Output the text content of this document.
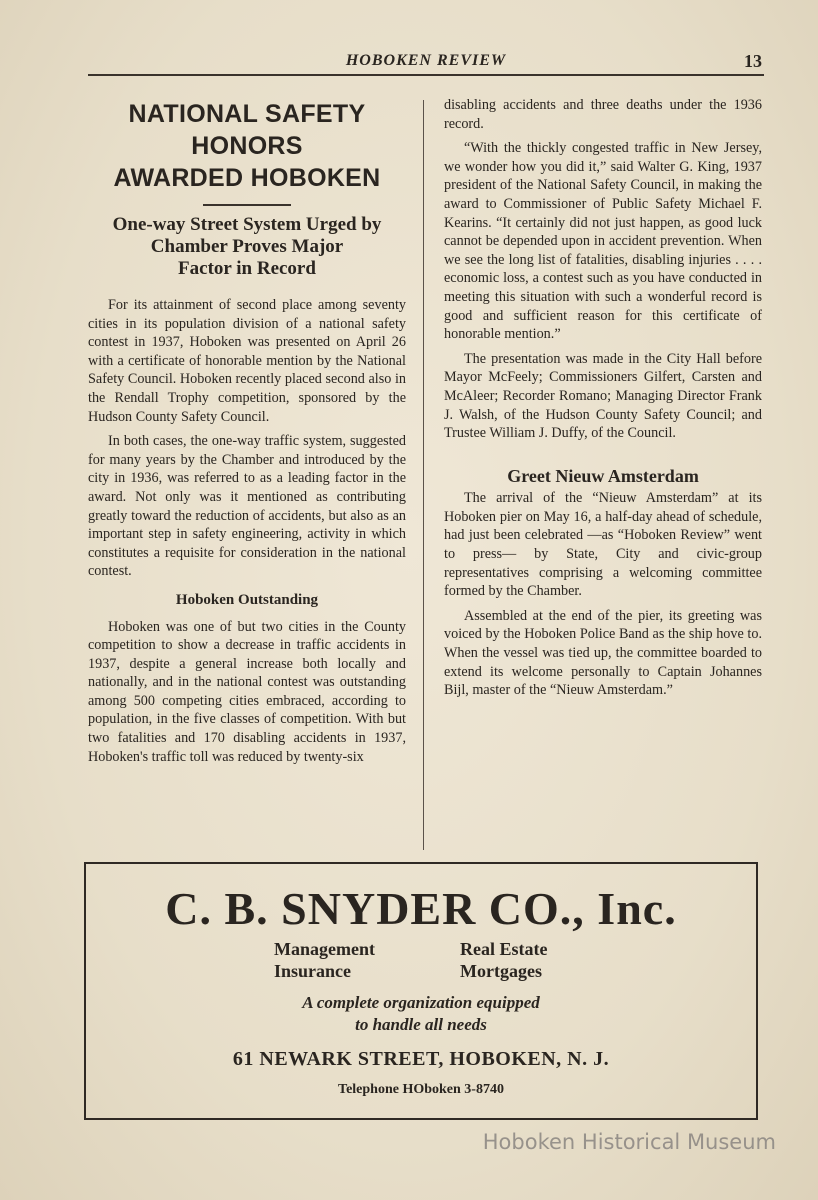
HOBOKEN REVIEW	13
NATIONAL SAFETY HONORS
AWARDED HOBOKEN
One-way Street System Urged by
Chamber Proves Major
Factor in Record

For its attainment of second place among seventy cities in its population division of a national safety contest in 1937, Hoboken was presented on April 26 with a certificate of honorable mention by the National Safety Council. Hoboken recently placed second also in the Rendall Trophy competition, sponsored by the Hudson County Safety Council.

In both cases, the one-way traffic system, suggested for many years by the Chamber and introduced by the city in 1936, was referred to as a leading factor in the award. Not only was it mentioned as contributing greatly toward the reduction of accidents, but also as an important step in safety engineering, activity in which constitutes a requisite for consideration in the national contest.

Hoboken Outstanding

Hoboken was one of but two cities in the County competition to show a decrease in traffic accidents in 1937, despite a general increase both locally and nationally, and in the national contest was outstanding among 500 competing cities embraced, according to population, in the five classes of competition. With but two fatalities and 170 disabling accidents in 1937, Hoboken's traffic toll was reduced by twenty-six

disabling accidents and three deaths under the 1936 record.

“With the thickly congested traffic in New Jersey, we wonder how you did it,” said Walter G. King, 1937 president of the National Safety Council, in making the award to Commissioner of Public Safety Michael F. Kearins. “It certainly did not just happen, as good luck cannot be depended upon in accident prevention. When we see the long list of fatalities, disabling injuries . . . . economic loss, a contest such as you have conducted in meeting this situation with such a wonderful record is good and sufficient reason for this certificate of honorable mention.”

The presentation was made in the City Hall before Mayor McFeely; Commissioners Gilfert, Carsten and McAleer; Recorder Romano; Managing Director Frank J. Walsh, of the Hudson County Safety Council; and Trustee William J. Duffy, of the Council.

Greet Nieuw Amsterdam

The arrival of the “Nieuw Amsterdam” at its Hoboken pier on May 16, a half-day ahead of schedule, had just been celebrated —as “Hoboken Review” went to press— by State, City and civic-group representatives comprising a welcoming committee formed by the Chamber.

Assembled at the end of the pier, its greeting was voiced by the Hoboken Police Band as the ship hove to. When the vessel was tied up, the committee boarded to extend its welcome personally to Captain Johannes Bijl, master of the “Nieuw Amsterdam.”

C. B. SNYDER CO., Inc.
Management	Real Estate
Insurance	Mortgages
A complete organization equipped
to handle all needs
61 NEWARK STREET, HOBOKEN, N. J.
Telephone HOboken 3-8740
Hoboken Historical Museum
